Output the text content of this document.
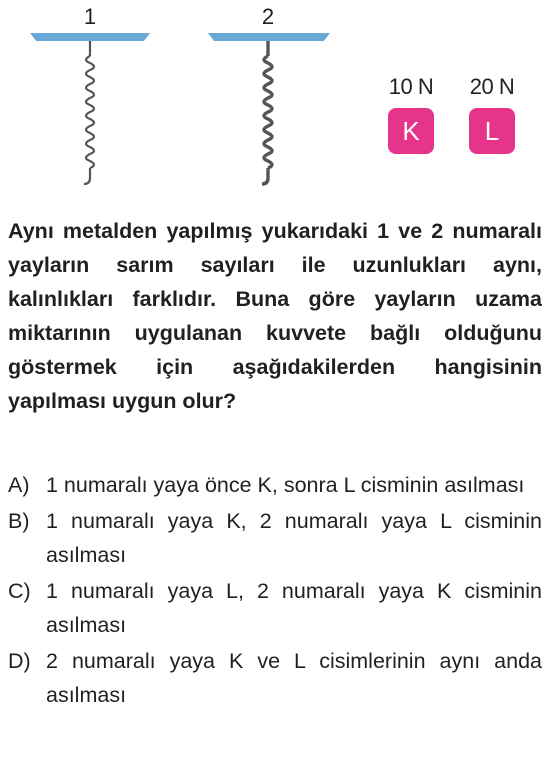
1	2
10 N
K
20 N
L

Aynı metalden yapılmış yukarıdaki 1 ve 2 numaralı yayların sarım sayıları ile uzunlukları aynı, kalınlıkları farklıdır. Buna göre yayların uzama miktarının uygulanan kuvvete bağlı olduğunu göstermek için aşağıdakilerden hangisinin yapılması uygun olur?

A) 1 numaralı yaya önce K, sonra L cisminin asılması
B) 1 numaralı yaya K, 2 numaralı yaya L cisminin asılması
C) 1 numaralı yaya L, 2 numaralı yaya K cisminin asılması
D) 2 numaralı yaya K ve L cisimlerinin aynı anda asılması
